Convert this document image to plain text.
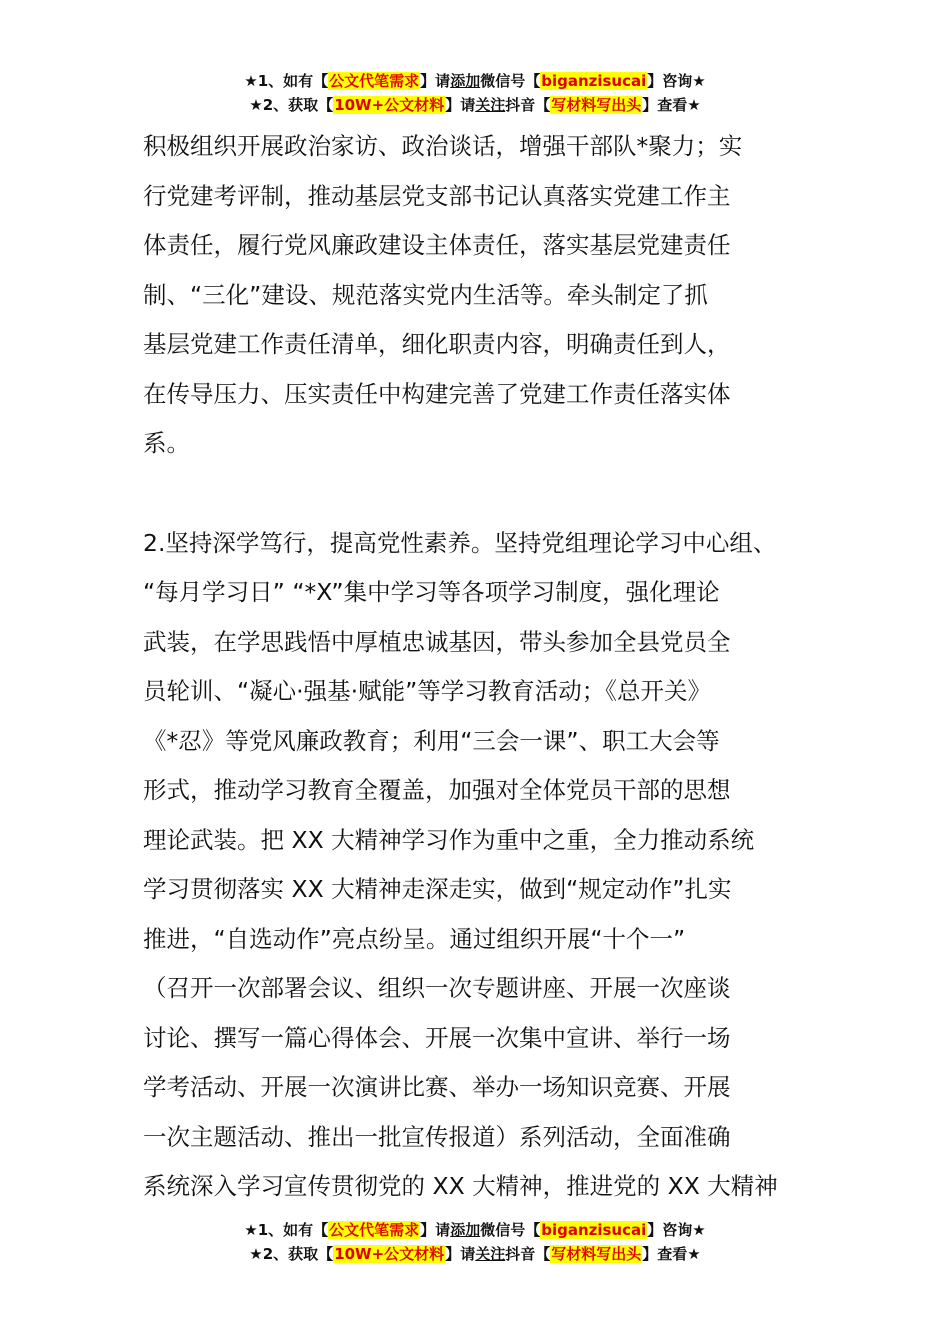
★1、如有【公文代笔需求】请添加微信号【biganzisucai】咨询★
★2、获取【10W+公文材料】请关注抖音【写材料写出头】查看★

积极组织开展政治家访、政治谈话，增强干部队*聚力；实

行党建考评制，推动基层党支部书记认真落实党建工作主

体责任，履行党风廉政建设主体责任，落实基层党建责任

制、“三化”建设、规范落实党内生活等。牵头制定了抓

基层党建工作责任清单，细化职责内容，明确责任到人，

在传导压力、压实责任中构建完善了党建工作责任落实体

系。

2.坚持深学笃行，提高党性素养。坚持党组理论学习中心组、

“每月学习日” “*X”集中学习等各项学习制度，强化理论

武装，在学思践悟中厚植忠诚基因，带头参加全县党员全

员轮训、“凝心·强基·赋能”等学习教育活动；《总开关》

《*忍》等党风廉政教育；利用“三会一课”、职工大会等

形式，推动学习教育全覆盖，加强对全体党员干部的思想

理论武装。把 XX 大精神学习作为重中之重，全力推动系统

学习贯彻落实 XX 大精神走深走实，做到“规定动作”扎实

推进，“自选动作”亮点纷呈。通过组织开展“十个一”

（召开一次部署会议、组织一次专题讲座、开展一次座谈

讨论、撰写一篇心得体会、开展一次集中宣讲、举行一场

学考活动、开展一次演讲比赛、举办一场知识竞赛、开展

一次主题活动、推出一批宣传报道）系列活动，全面准确

系统深入学习宣传贯彻党的 XX 大精神，推进党的 XX 大精神

★1、如有【公文代笔需求】请添加微信号【biganzisucai】咨询★
★2、获取【10W+公文材料】请关注抖音【写材料写出头】查看★
